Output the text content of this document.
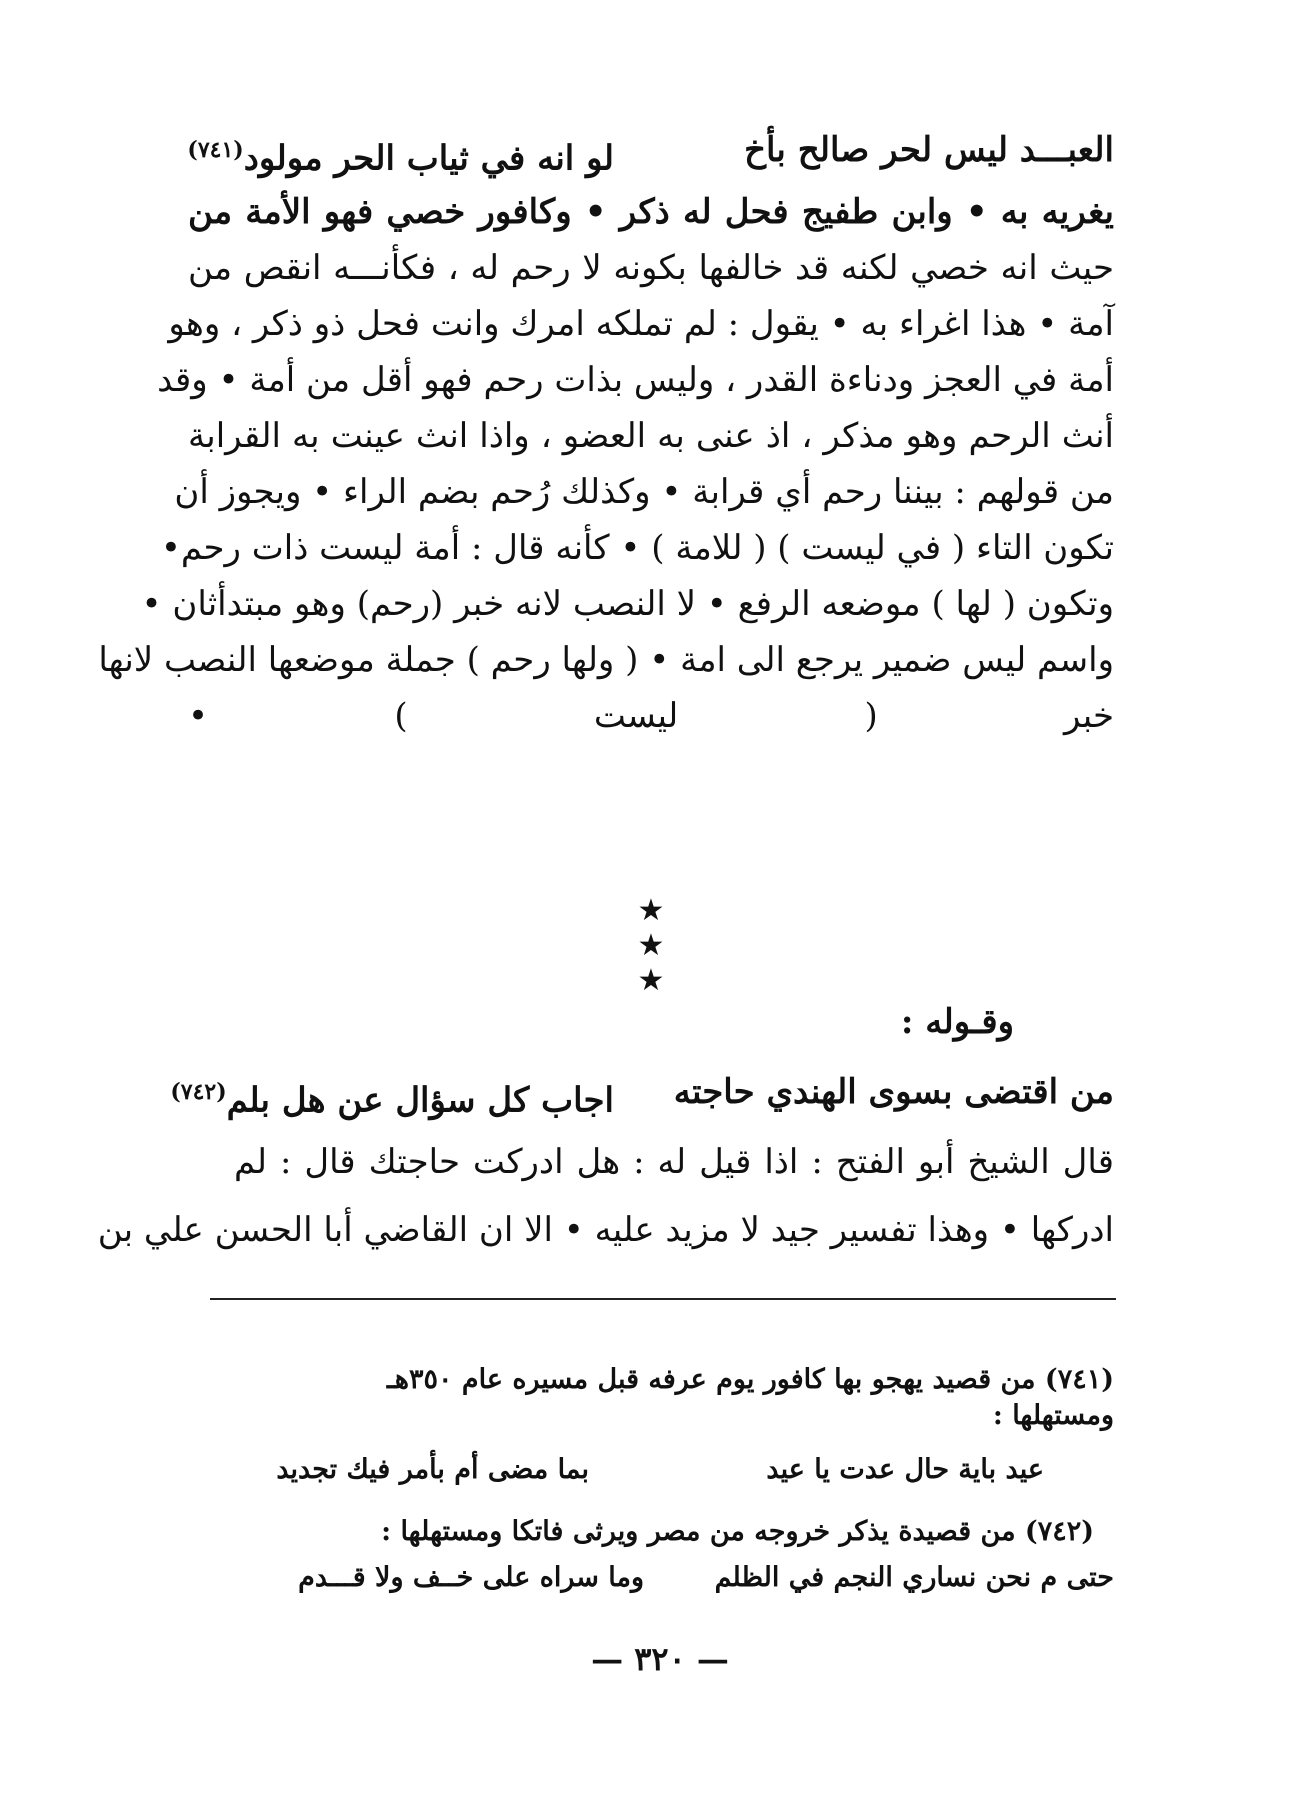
العبـــد ليس لحر صالح بأخ
لو انه في ثياب الحر مولود$^{(٧٤١)}$
يغريه به • وابن طفيج فحل له ذكر • وكافور خصي فهو الأمة من
حيث انه خصي لكنه قد خالفها بكونه لا رحم له ، فكأنـــه انقص من
آمة • هذا اغراء به • يقول : لم تملكه امرك وانت فحل ذو ذكر ، وهو
أمة في العجز ودناءة القدر ، وليس بذات رحم فهو أقل من أمة • وقد
أنث الرحم وهو مذكر ، اذ عنى به العضو ، واذا انث عينت به القرابة
من قولهم : بيننا رحم أي قرابة • وكذلك رُحم بضم الراء • ويجوز أن
تكون التاء ( في ليست ) ( للامة ) • كأنه قال : أمة ليست ذات رحم•
وتكون ( لها ) موضعه الرفع • لا النصب لانه خبر (رحم) وهو مبتدأثان •
واسم ليس ضمير يرجع الى امة • ( ولها رحم ) جملة موضعها النصب لانها
خبر ( ليست ) •
★ ★ ★
وقـوله :
من اقتضى بسوى الهندي حاجته
اجاب كل سؤال عن هل بلم$^{(٧٤٢)}$
قال الشيخ أبو الفتح : اذا قيل له : هل ادركت حاجتك قال : لم
ادركها • وهذا تفسير جيد لا مزيد عليه • الا ان القاضي أبا الحسن علي بن
(٧٤١) من قصيد يهجو بها كافور يوم عرفه قبل مسيره عام ٣٥٠هـ
ومستهلها :
عيد باية حال عدت يا عيد
بما مضى أم بأمر فيك تجديد
(٧٤٢) من قصيدة يذكر خروجه من مصر ويرثى فاتكا ومستهلها :
حتى م نحن نساري النجم في الظلم
وما سراه على خــف ولا قـــدم
— ٣٢٠ —
